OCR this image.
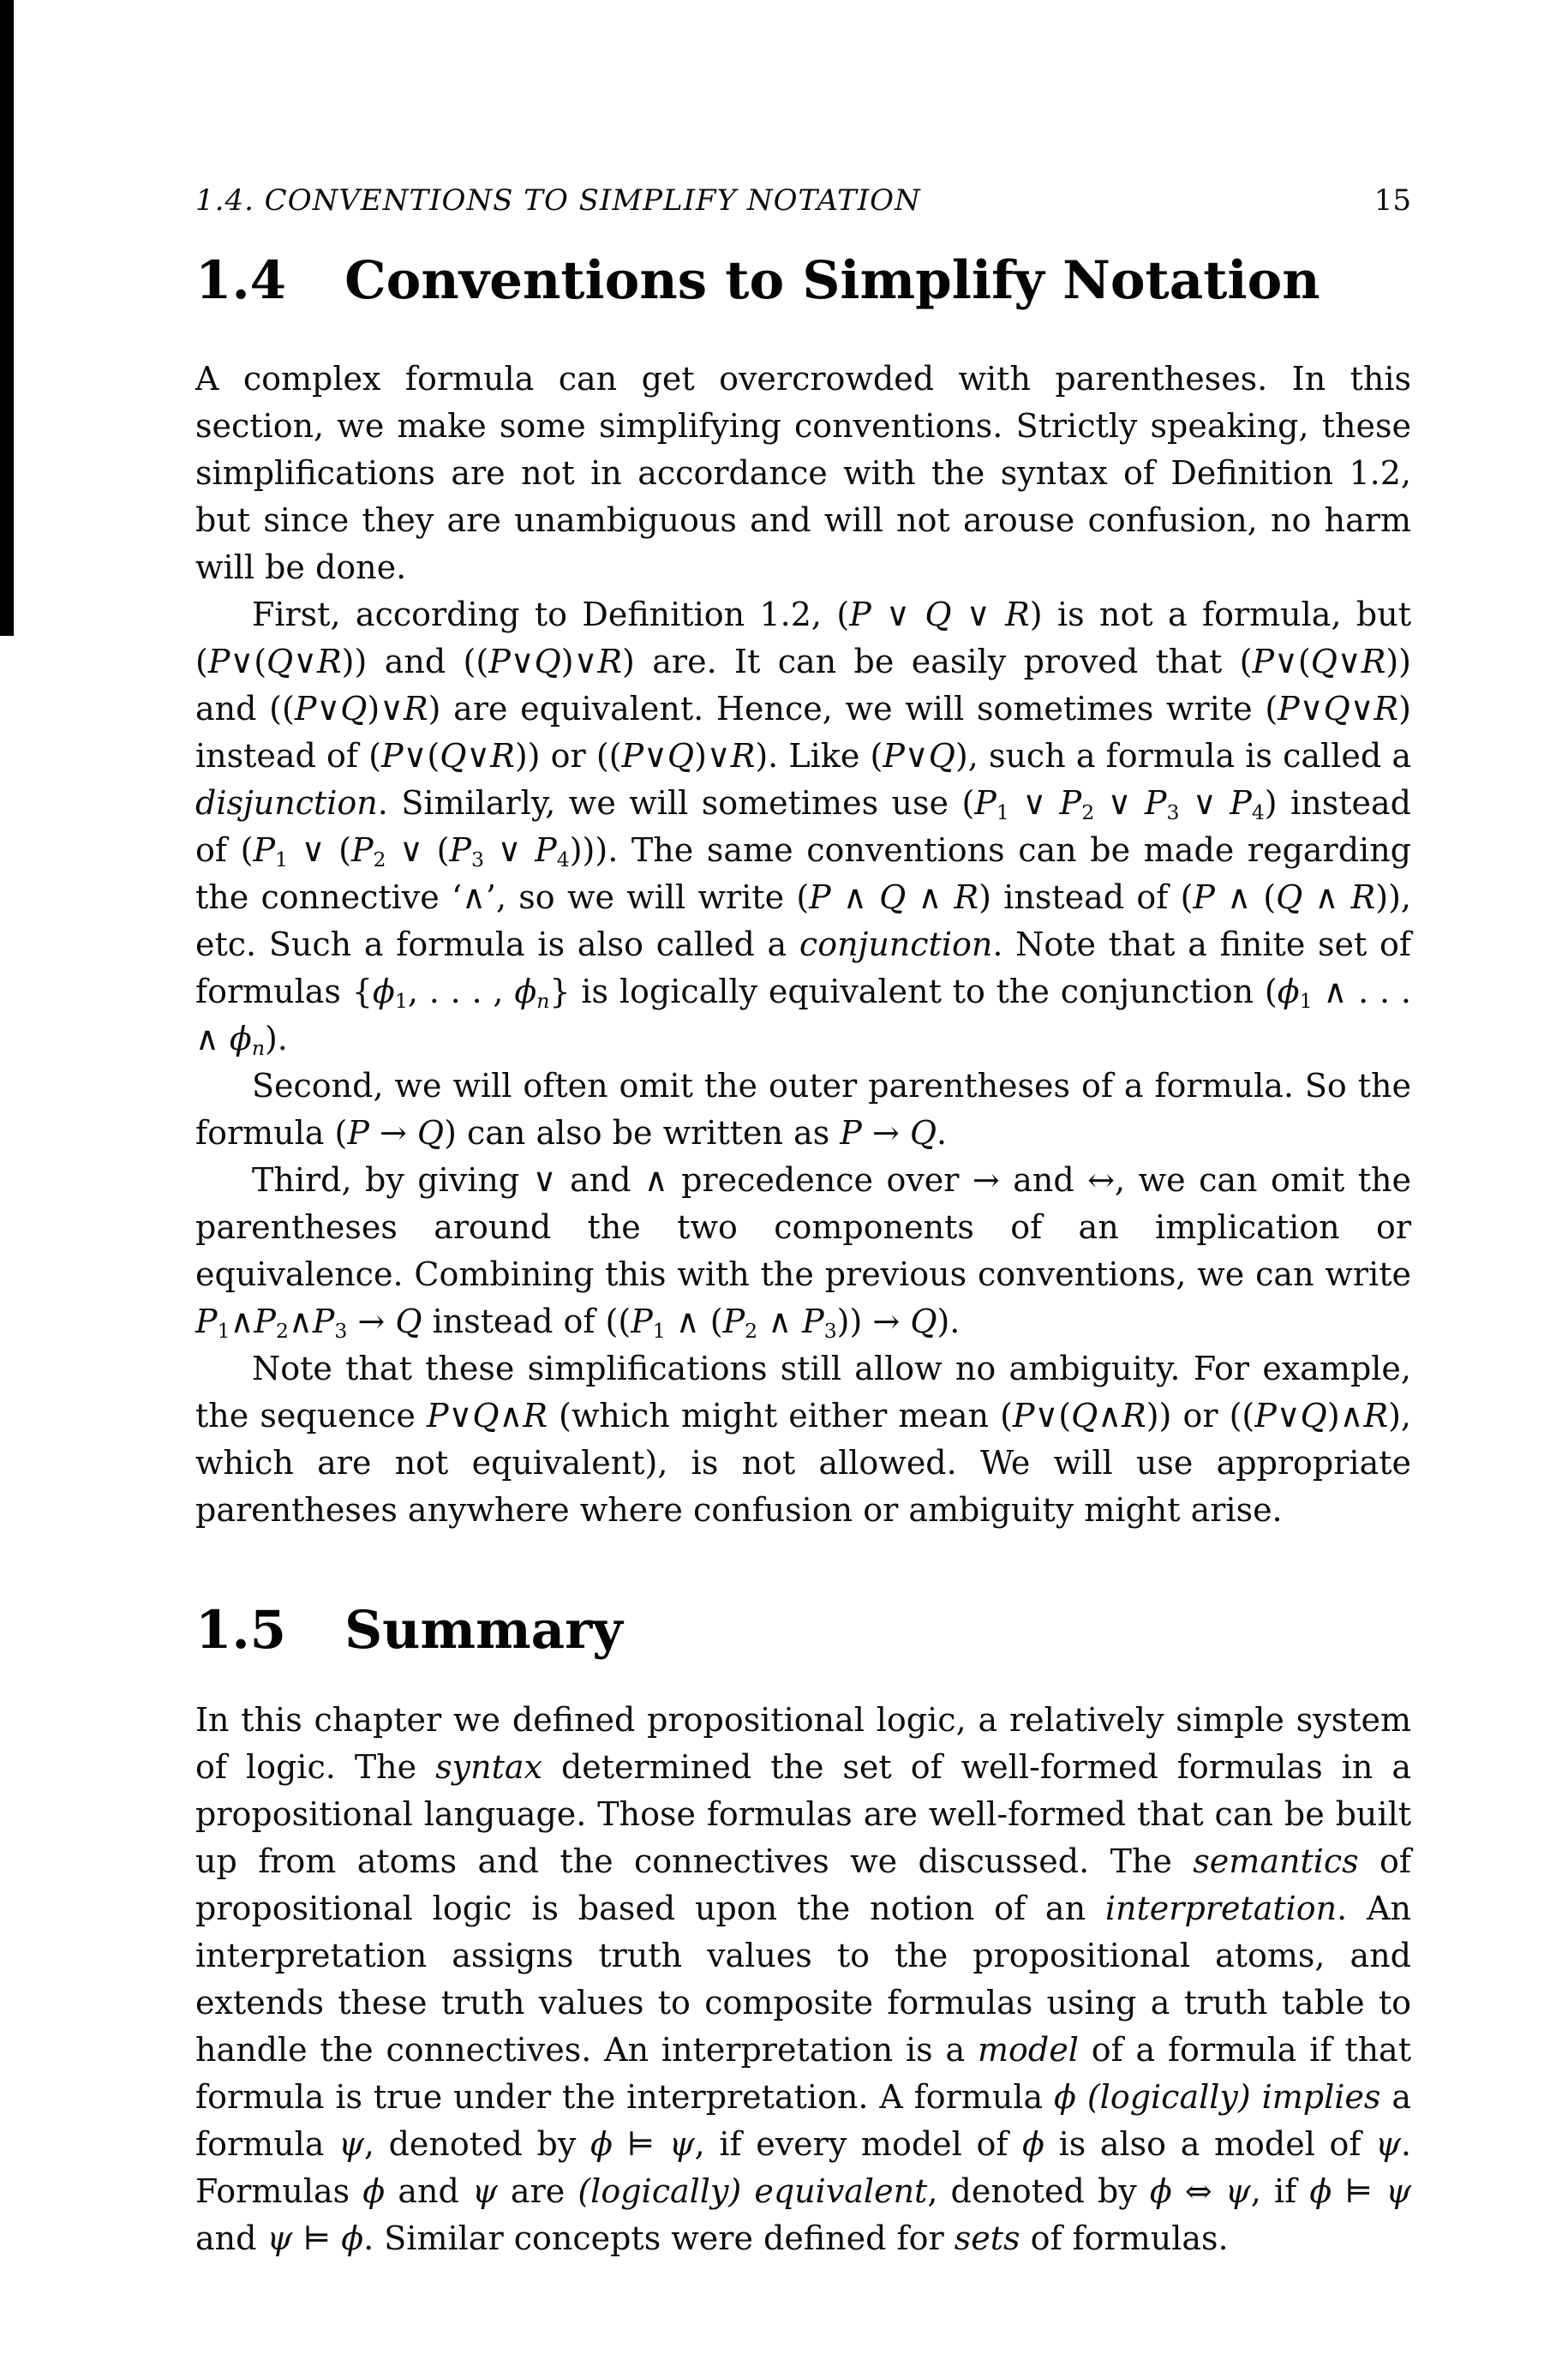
1.4. CONVENTIONS TO SIMPLIFY NOTATION	15
1.4 Conventions to Simplify Notation

A complex formula can get overcrowded with parentheses. In this section, we make some simplifying conventions. Strictly speaking, these simplifications are not in accordance with the syntax of Definition 1.2, but since they are unambiguous and will not arouse confusion, no harm will be done.

First, according to Definition 1.2, (P ∨ Q ∨ R) is not a formula, but (P∨(Q∨R)) and ((P∨Q)∨R) are. It can be easily proved that (P∨(Q∨R)) and ((P∨Q)∨R) are equivalent. Hence, we will sometimes write (P∨Q∨R) instead of (P∨(Q∨R)) or ((P∨Q)∨R). Like (P∨Q), such a formula is called a disjunction. Similarly, we will sometimes use ($P_1$ ∨ $P_2$ ∨ $P_3$ ∨ $P_4$) instead of ($P_1$ ∨ ($P_2$ ∨ ($P_3$ ∨ $P_4$))). The same conventions can be made regarding the connective ‘∧’, so we will write (P ∧ Q ∧ R) instead of (P ∧ (Q ∧ R)), etc. Such a formula is also called a conjunction. Note that a finite set of formulas {$\phi_1$, . . . , $\phi_n$} is logically equivalent to the conjunction ($\phi_1$ ∧ . . . ∧ $\phi_n$).

Second, we will often omit the outer parentheses of a formula. So the formula (P → Q) can also be written as P → Q.

Third, by giving ∨ and ∧ precedence over → and ↔, we can omit the parentheses around the two components of an implication or equivalence. Combining this with the previous conventions, we can write $P_1\wedge P_2\wedge P_3 \to Q$ instead of (($P_1$ ∧ ($P_2$ ∧ $P_3)) \to Q$).

Note that these simplifications still allow no ambiguity. For example, the sequence P∨Q∧R (which might either mean (P∨(Q∧R)) or ((P∨Q)∧R), which are not equivalent), is not allowed. We will use appropriate parentheses anywhere where confusion or ambiguity might arise.

1.5 Summary

In this chapter we defined propositional logic, a relatively simple system of logic. The syntax determined the set of well-formed formulas in a propositional language. Those formulas are well-formed that can be built up from atoms and the connectives we discussed. The semantics of propositional logic is based upon the notion of an interpretation. An interpretation assigns truth values to the propositional atoms, and extends these truth values to composite formulas using a truth table to handle the connectives. An interpretation is a model of a formula if that formula is true under the interpretation. A formula ϕ (logically) implies a formula ψ, denoted by ϕ ⊨ ψ, if every model of ϕ is also a model of ψ. Formulas ϕ and ψ are (logically) equivalent, denoted by ϕ ⇔ ψ, if ϕ ⊨ ψ and ψ ⊨ ϕ. Similar concepts were defined for sets of formulas.
